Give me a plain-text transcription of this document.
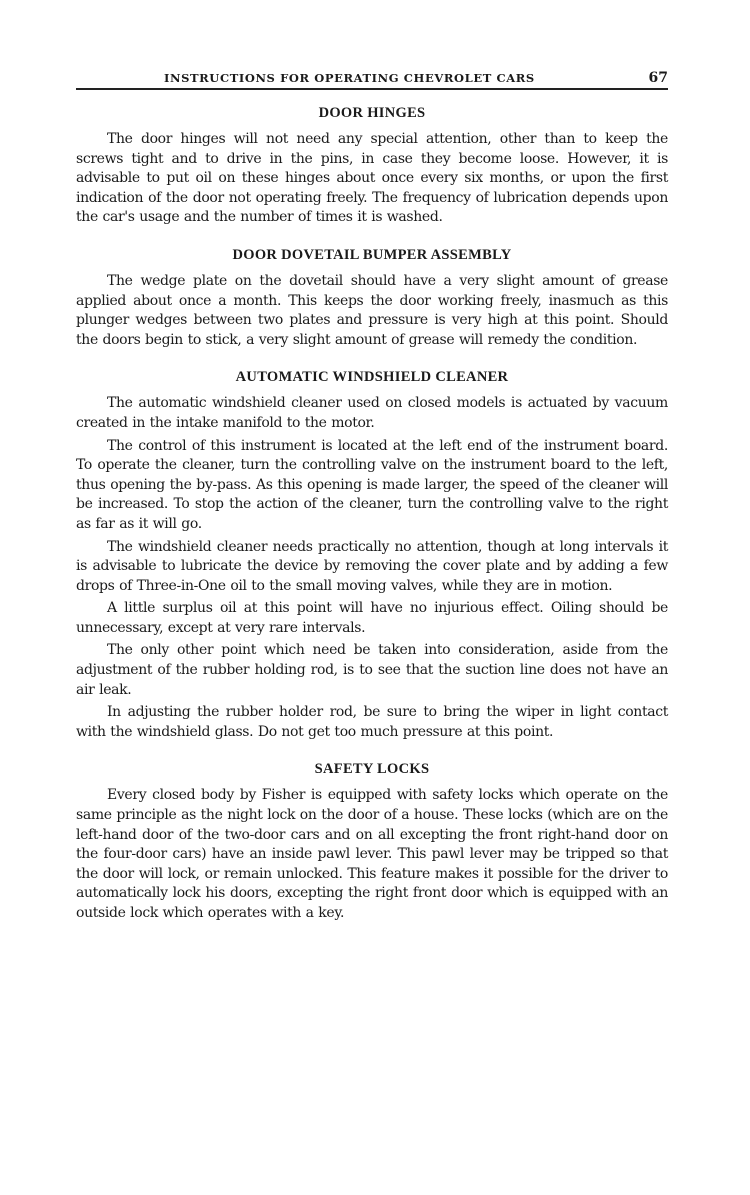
INSTRUCTIONS FOR OPERATING CHEVROLET CARS	67
DOOR HINGES

The door hinges will not need any special attention, other than to keep the screws tight and to drive in the pins, in case they become loose. However, it is advisable to put oil on these hinges about once every six months, or upon the first indication of the door not operating freely. The frequency of lubrication depends upon the car's usage and the number of times it is washed.

DOOR DOVETAIL BUMPER ASSEMBLY

The wedge plate on the dovetail should have a very slight amount of grease applied about once a month. This keeps the door working freely, inasmuch as this plunger wedges between two plates and pressure is very high at this point. Should the doors begin to stick, a very slight amount of grease will remedy the condition.

AUTOMATIC WINDSHIELD CLEANER

The automatic windshield cleaner used on closed models is actuated by vacuum created in the intake manifold to the motor.

The control of this instrument is located at the left end of the instrument board. To operate the cleaner, turn the controlling valve on the instrument board to the left, thus opening the by-pass. As this opening is made larger, the speed of the cleaner will be increased. To stop the action of the cleaner, turn the controlling valve to the right as far as it will go.

The windshield cleaner needs practically no attention, though at long intervals it is advisable to lubricate the device by removing the cover plate and by adding a few drops of Three-in-One oil to the small moving valves, while they are in motion.

A little surplus oil at this point will have no injurious effect. Oiling should be unnecessary, except at very rare intervals.

The only other point which need be taken into consideration, aside from the adjustment of the rubber holding rod, is to see that the suction line does not have an air leak.

In adjusting the rubber holder rod, be sure to bring the wiper in light contact with the windshield glass. Do not get too much pressure at this point.

SAFETY LOCKS

Every closed body by Fisher is equipped with safety locks which operate on the same principle as the night lock on the door of a house. These locks (which are on the left-hand door of the two-door cars and on all excepting the front right-hand door on the four-door cars) have an inside pawl lever. This pawl lever may be tripped so that the door will lock, or remain unlocked. This feature makes it possible for the driver to automatically lock his doors, excepting the right front door which is equipped with an outside lock which operates with a key.
